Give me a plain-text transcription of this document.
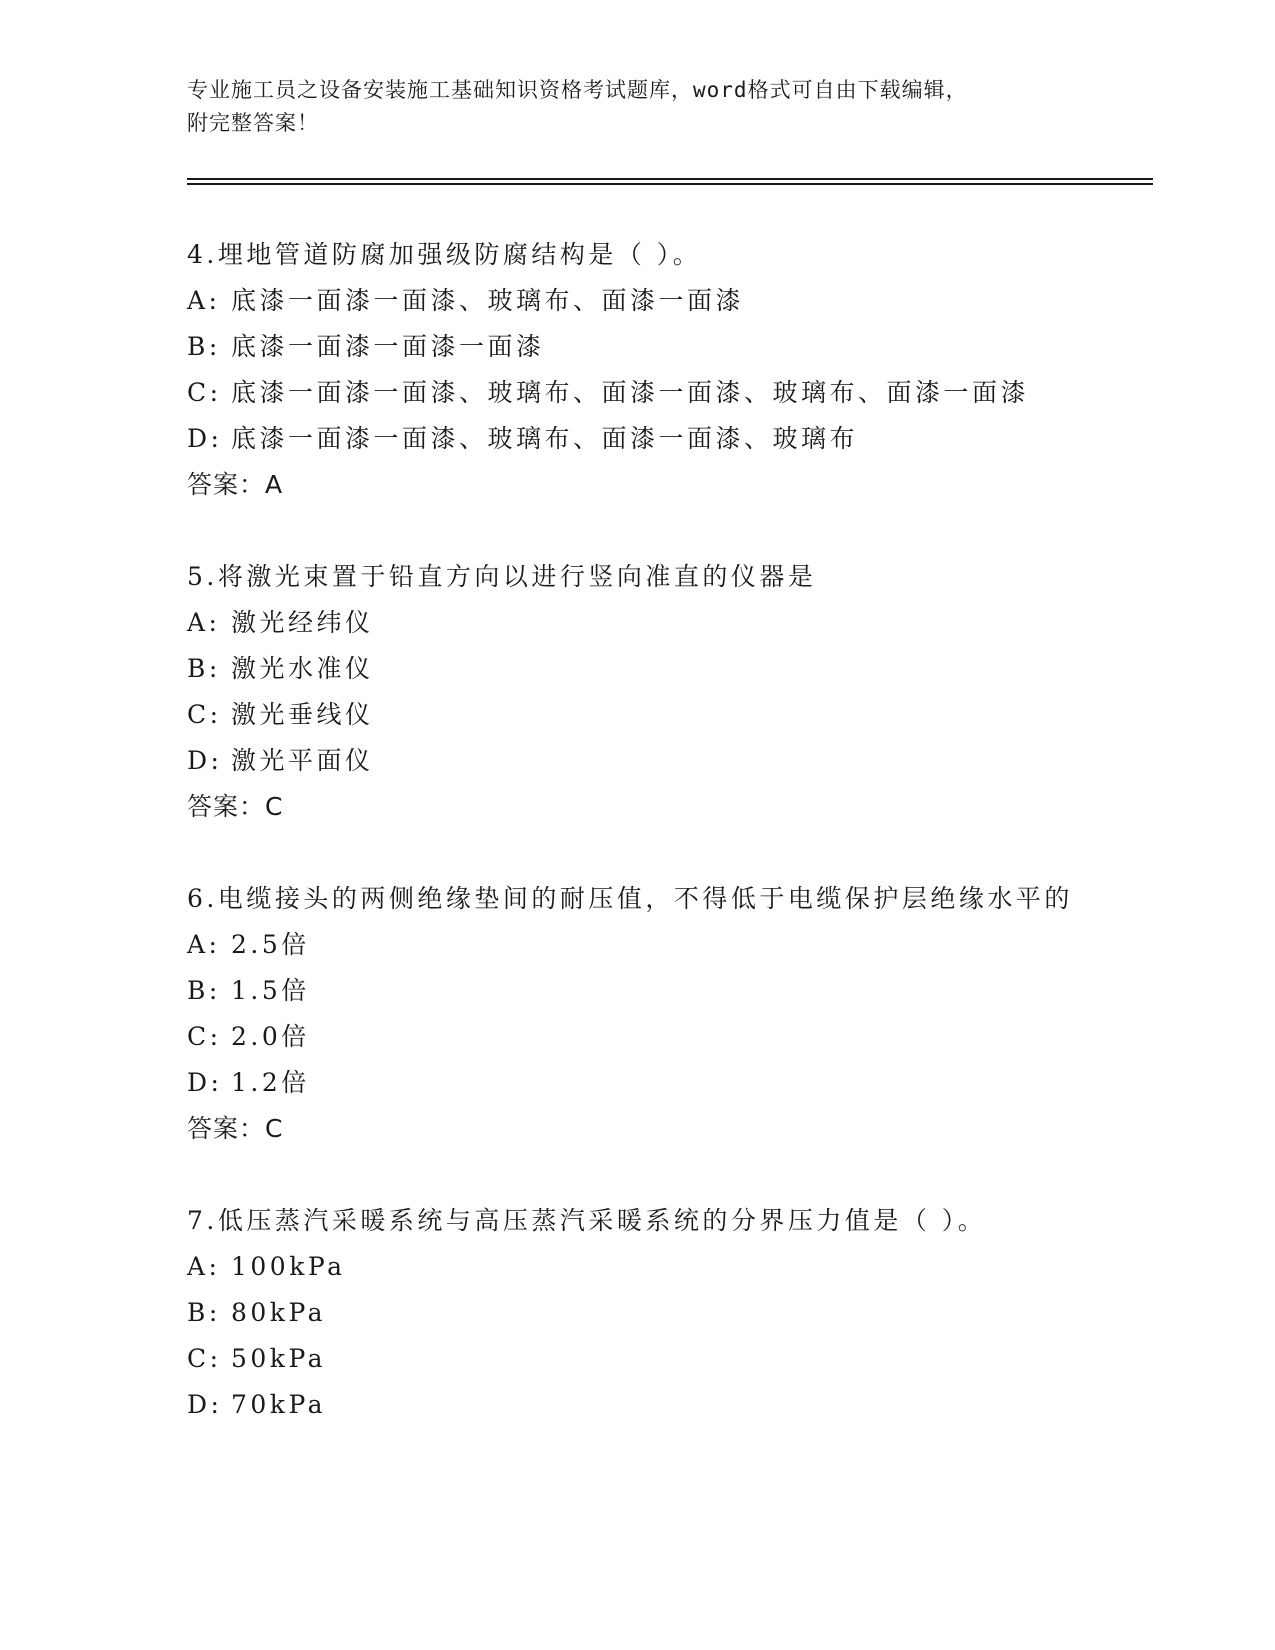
专业施工员之设备安装施工基础知识资格考试题库，word格式可自由下载编辑，
附完整答案！
4.埋地管道防腐加强级防腐结构是（ ）。
A: 底漆一面漆一面漆、玻璃布、面漆一面漆
B: 底漆一面漆一面漆一面漆
C: 底漆一面漆一面漆、玻璃布、面漆一面漆、玻璃布、面漆一面漆
D: 底漆一面漆一面漆、玻璃布、面漆一面漆、玻璃布
答案：A
5.将激光束置于铅直方向以进行竖向准直的仪器是
A: 激光经纬仪
B: 激光水准仪
C: 激光垂线仪
D: 激光平面仪
答案：C
6.电缆接头的两侧绝缘垫间的耐压值，不得低于电缆保护层绝缘水平的
A: 2.5倍
B: 1.5倍
C: 2.0倍
D: 1.2倍
答案：C
7.低压蒸汽采暖系统与高压蒸汽采暖系统的分界压力值是（ ）。
A: 100kPa
B: 80kPa
C: 50kPa
D: 70kPa
